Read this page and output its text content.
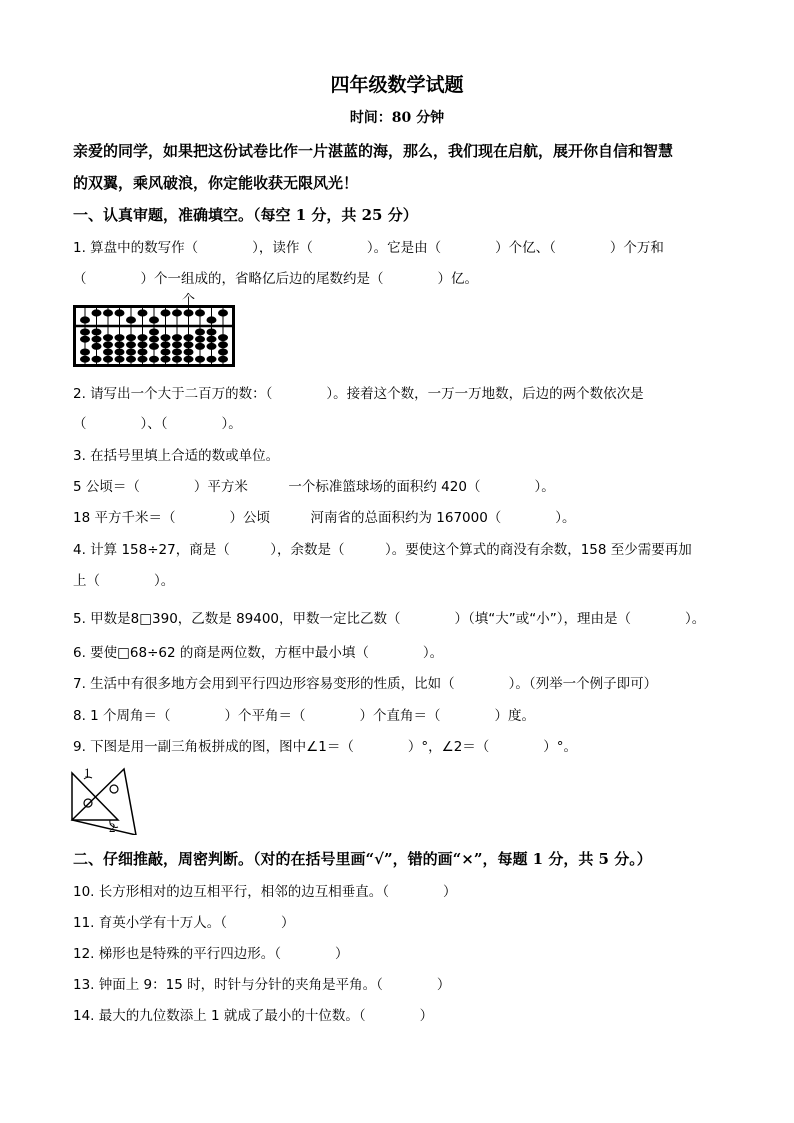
四年级数学试题
时间：80 分钟
亲爱的同学，如果把这份试卷比作一片湛蓝的海，那么，我们现在启航，展开你自信和智慧
的双翼，乘风破浪，你定能收获无限风光！
一、认真审题，准确填空。（每空 1 分，共 25 分）
1. 算盘中的数写作（　　　　），读作（　　　　）。它是由（　　　　）个亿、（　　　　）个万和
（　　　　）个一组成的，省略亿后边的尾数约是（　　　　）亿。
个
2. 请写出一个大于二百万的数：（　　　　）。接着这个数，一万一万地数，后边的两个数依次是
（　　　　）、（　　　　）。
3. 在括号里填上合适的数或单位。
5 公顷＝（　　　　）平方米　　　一个标准篮球场的面积约 420（　　　　）。
18 平方千米＝（　　　　）公顷　　　河南省的总面积约为 167000（　　　　）。
4. 计算 158÷27，商是（　　　），余数是（　　　）。要使这个算式的商没有余数，158 至少需要再加
上（　　　　）。
5. 甲数是8□390，乙数是 89400，甲数一定比乙数（　　　　）（填“大”或“小”），理由是（　　　　）。
6. 要使□68÷62 的商是两位数，方框中最小填（　　　　）。
7. 生活中有很多地方会用到平行四边形容易变形的性质，比如（　　　　）。（列举一个例子即可）
8. 1 个周角＝（　　　　）个平角＝（　　　　）个直角＝（　　　　）度。
9. 下图是用一副三角板拼成的图，图中∠1＝（　　　　）°，∠2＝（　　　　）°。
1
2
二、仔细推敲，周密判断。（对的在括号里画“√”，错的画“×”，每题 1 分，共 5 分。）
10. 长方形相对的边互相平行，相邻的边互相垂直。（　　　　）
11. 育英小学有十万人。（　　　　）
12. 梯形也是特殊的平行四边形。（　　　　）
13. 钟面上 9：15 时，时针与分针的夹角是平角。（　　　　）
14. 最大的九位数添上 1 就成了最小的十位数。（　　　　）
